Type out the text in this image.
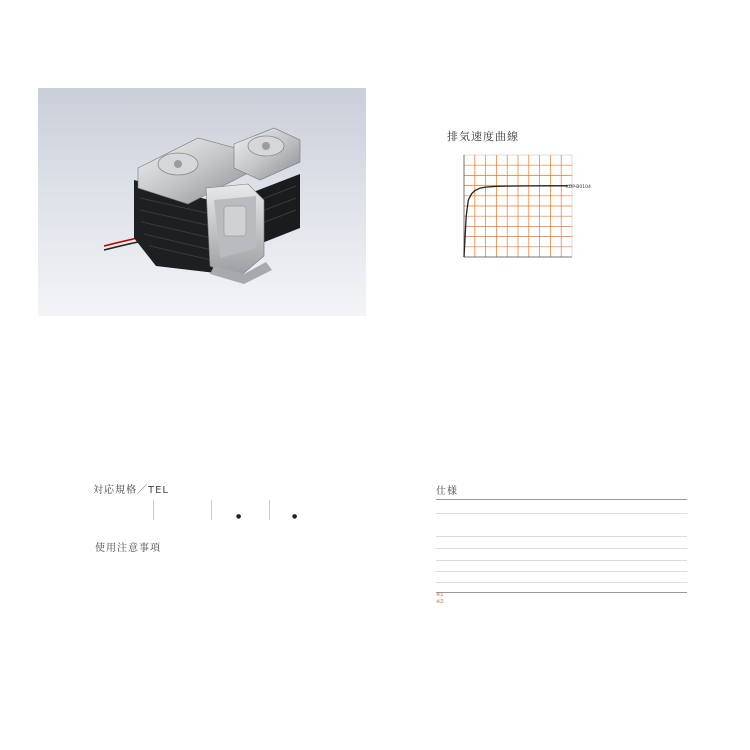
排気速度曲線
XDP-B0104
対応規格／TEL
●	●
使用注意事項
仕様
※1
※2
